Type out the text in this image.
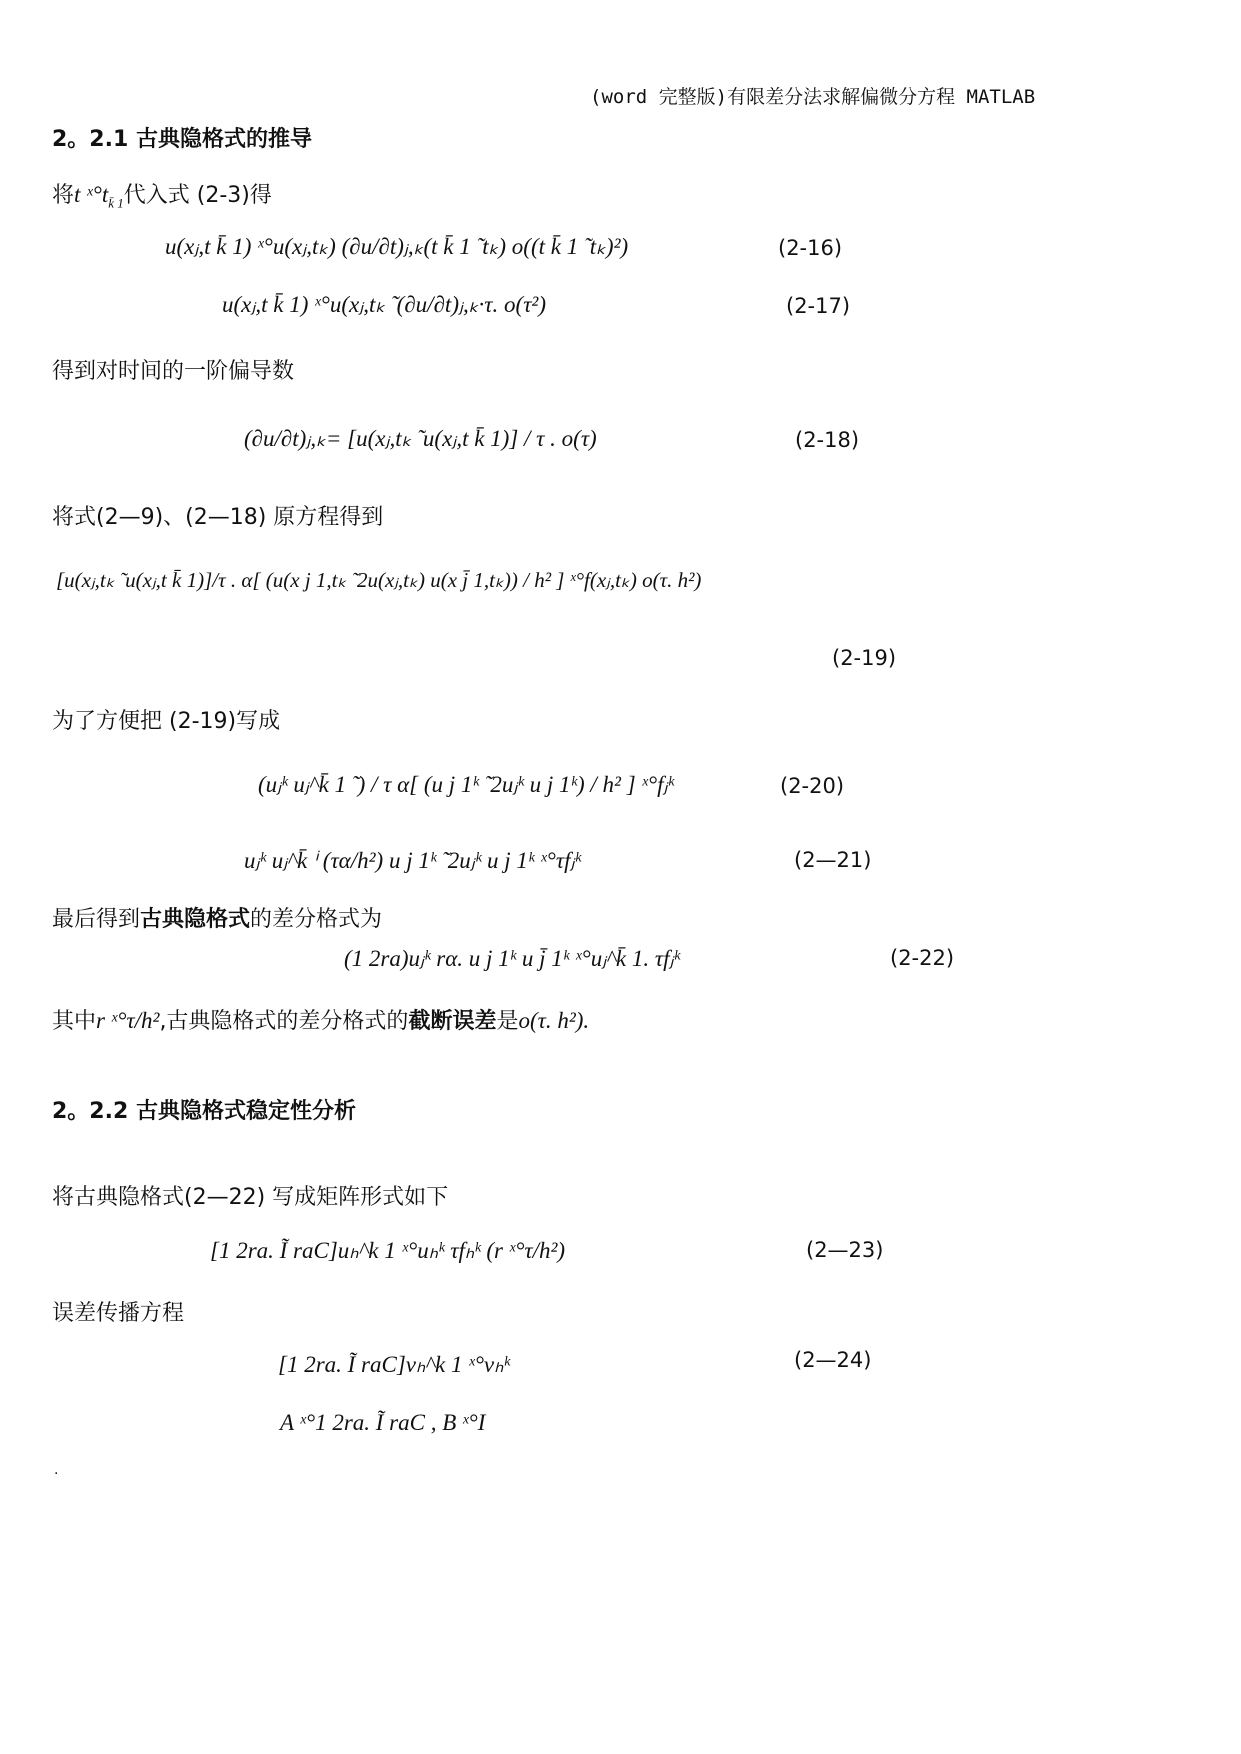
(word 完整版)有限差分法求解偏微分方程 MATLAB
2。2.1 古典隐格式的推导
将t $ˣ^\circ t_{k̄ 1}$代入式 (2-3)得
u(xⱼ,t k̄ 1) ˣ°u(xⱼ,tₖ) (∂u/∂t)ⱼ,ₖ(t k̄ 1 ̃ tₖ) o((t k̄ 1 ̃ tₖ)²)	(2-16)
u(xⱼ,t k̄ 1) ˣ°u(xⱼ,tₖ ̃ (∂u/∂t)ⱼ,ₖ·τ. o(τ²)	(2-17)
得到对时间的一阶偏导数
(∂u/∂t)ⱼ,ₖ= [u(xⱼ,tₖ ̃ u(xⱼ,t k̄ 1)] / τ . o(τ)	(2-18)
将式(2—9)、(2—18) 原方程得到
[u(xⱼ,tₖ ̃ u(xⱼ,t k̄ 1)]/τ . α[ (u(x j 1,tₖ ̃ 2u(xⱼ,tₖ) u(x j̄ 1,tₖ)) / h² ] ˣ°f(xⱼ,tₖ) o(τ. h²)
(2-19)
为了方便把 (2-19)写成
(uⱼᵏ uⱼ^k̄ 1 ̃ ) / τ α[ (u j 1ᵏ ̃ 2uⱼᵏ u j 1ᵏ) / h² ] ˣ°fⱼᵏ	(2-20)
uⱼᵏ uⱼ^k̄ ⁱ (τα/h²) u j 1ᵏ ̃ 2uⱼᵏ u j 1ᵏ ˣ°τfⱼᵏ	(2—21)
最后得到古典隐格式的差分格式为
(1 2ra)uⱼᵏ rα. u j 1ᵏ u j̄ 1ᵏ ˣ°uⱼ^k̄ 1. τfⱼᵏ	(2-22)
其中r ˣ°τ/h²,古典隐格式的差分格式的截断误差是o(τ. h²).
2。2.2 古典隐格式稳定性分析
将古典隐格式(2—22) 写成矩阵形式如下
[1 2ra. Ĩ raC]uₕ^k 1 ˣ°uₕᵏ τfₕᵏ (r ˣ°τ/h²)	(2—23)
误差传播方程
[1 2ra. Ĩ raC]vₕ^k 1 ˣ°vₕᵏ	(2—24)
A ˣ°1 2ra. Ĩ raC , B ˣ°I
.
